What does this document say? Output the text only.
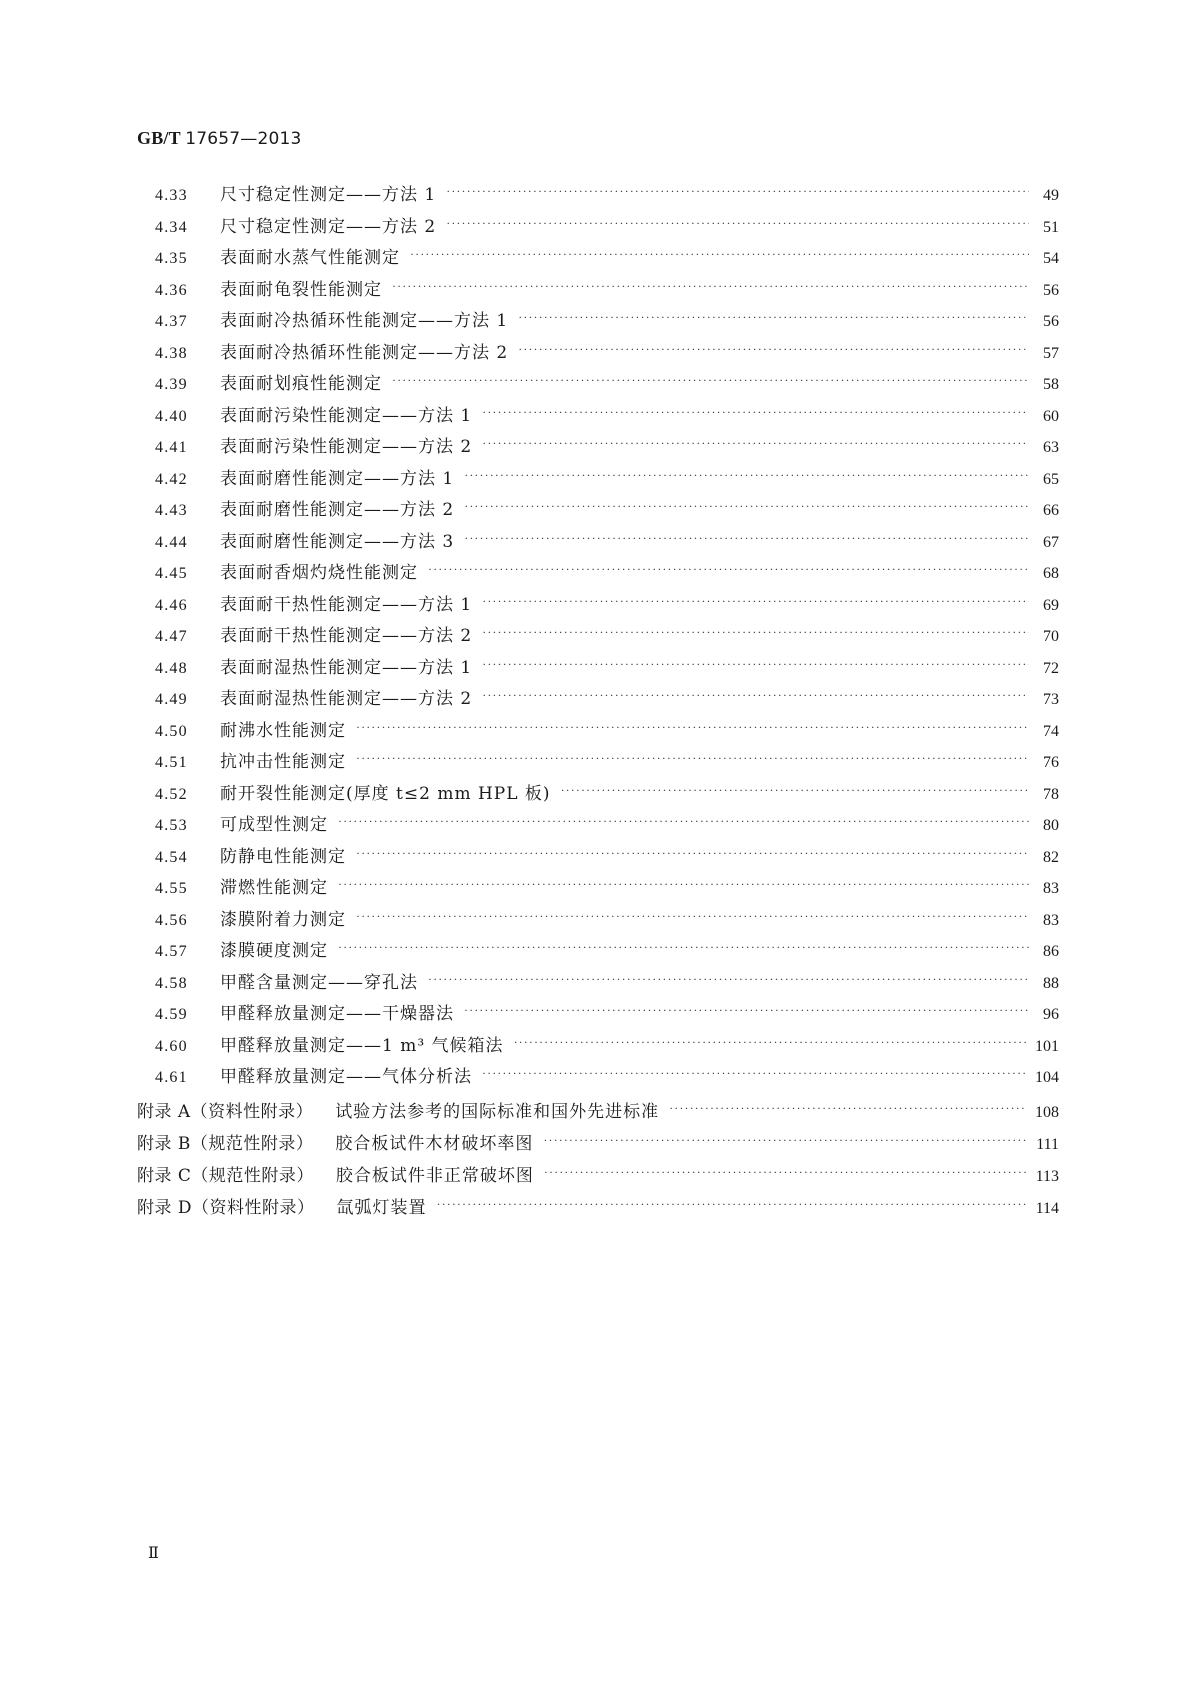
GB/T 17657—2013
4.33	尺寸稳定性测定——方法 1 ·····	49
4.34	尺寸稳定性测定——方法 2 ·····	51
4.35	表面耐水蒸气性能测定 ·····	54
4.36	表面耐龟裂性能测定 ·····	56
4.37	表面耐冷热循环性能测定——方法 1 ·····	56
4.38	表面耐冷热循环性能测定——方法 2 ·····	57
4.39	表面耐划痕性能测定 ·····	58
4.40	表面耐污染性能测定——方法 1 ·····	60
4.41	表面耐污染性能测定——方法 2 ·····	63
4.42	表面耐磨性能测定——方法 1 ·····	65
4.43	表面耐磨性能测定——方法 2 ·····	66
4.44	表面耐磨性能测定——方法 3 ·····	67
4.45	表面耐香烟灼烧性能测定 ·····	68
4.46	表面耐干热性能测定——方法 1 ·····	69
4.47	表面耐干热性能测定——方法 2 ·····	70
4.48	表面耐湿热性能测定——方法 1 ·····	72
4.49	表面耐湿热性能测定——方法 2 ·····	73
4.50	耐沸水性能测定 ·····	74
4.51	抗冲击性能测定 ·····	76
4.52	耐开裂性能测定(厚度 t≤2 mm HPL 板) ·····	78
4.53	可成型性测定 ·····	80
4.54	防静电性能测定 ·····	82
4.55	滞燃性能测定 ·····	83
4.56	漆膜附着力测定 ·····	83
4.57	漆膜硬度测定 ·····	86
4.58	甲醛含量测定——穿孔法 ·····	88
4.59	甲醛释放量测定——干燥器法 ·····	96
4.60	甲醛释放量测定——1 m³ 气候箱法 ·····	101
4.61	甲醛释放量测定——气体分析法 ·····	104
附录 A（资料性附录） 试验方法参考的国际标准和国外先进标准 ·····	108
附录 B（规范性附录） 胶合板试件木材破坏率图 ·····	111
附录 C（规范性附录） 胶合板试件非正常破坏图 ·····	113
附录 D（资料性附录） 氙弧灯装置 ·····	114
Ⅱ
